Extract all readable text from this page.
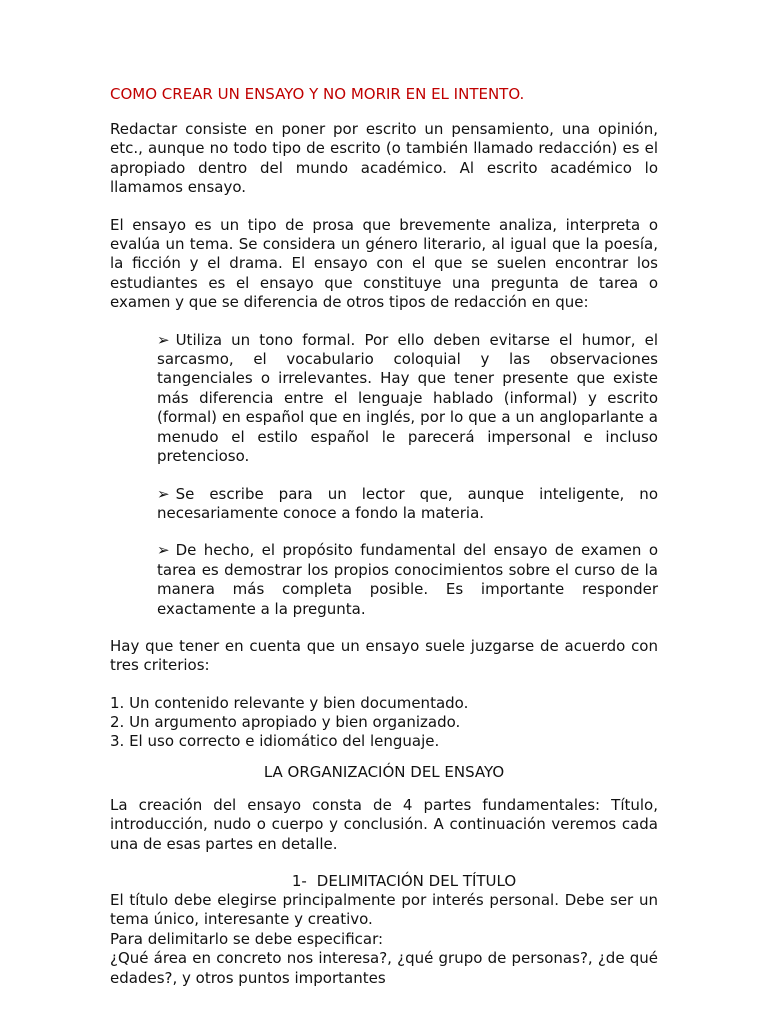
COMO CREAR UN ENSAYO Y NO MORIR EN EL INTENTO.

Redactar consiste en poner por escrito un pensamiento, una opinión, etc., aunque no todo tipo de escrito (o también llamado redacción) es el apropiado dentro del mundo académico. Al escrito académico lo llamamos ensayo.

El ensayo es un tipo de prosa que brevemente analiza, interpreta o evalúa un tema. Se considera un género literario, al igual que la poesía, la ficción y el drama. El ensayo con el que se suelen encontrar los estudiantes es el ensayo que constituye una pregunta de tarea o examen y que se diferencia de otros tipos de redacción en que:

➢ Utiliza un tono formal. Por ello deben evitarse el humor, el sarcasmo, el vocabulario coloquial y las observaciones tangenciales o irrelevantes. Hay que tener presente que existe más diferencia entre el lenguaje hablado (informal) y escrito (formal) en español que en inglés, por lo que a un angloparlante a menudo el estilo español le parecerá impersonal e incluso pretencioso.

➢ Se escribe para un lector que, aunque inteligente, no necesariamente conoce a fondo la materia.

➢ De hecho, el propósito fundamental del ensayo de examen o tarea es demostrar los propios conocimientos sobre el curso de la manera más completa posible. Es importante responder exactamente a la pregunta.

Hay que tener en cuenta que un ensayo suele juzgarse de acuerdo con tres criterios:

1. Un contenido relevante y bien documentado.

2. Un argumento apropiado y bien organizado.

3. El uso correcto e idiomático del lenguaje.

LA ORGANIZACIÓN DEL ENSAYO

La creación del ensayo consta de 4 partes fundamentales: Título, introducción, nudo o cuerpo y conclusión. A continuación veremos cada una de esas partes en detalle.

1- DELIMITACIÓN DEL TÍTULO

El título debe elegirse principalmente por interés personal. Debe ser un tema único, interesante y creativo.

Para delimitarlo se debe especificar:

¿Qué área en concreto nos interesa?, ¿qué grupo de personas?, ¿de qué edades?, y otros puntos importantes
